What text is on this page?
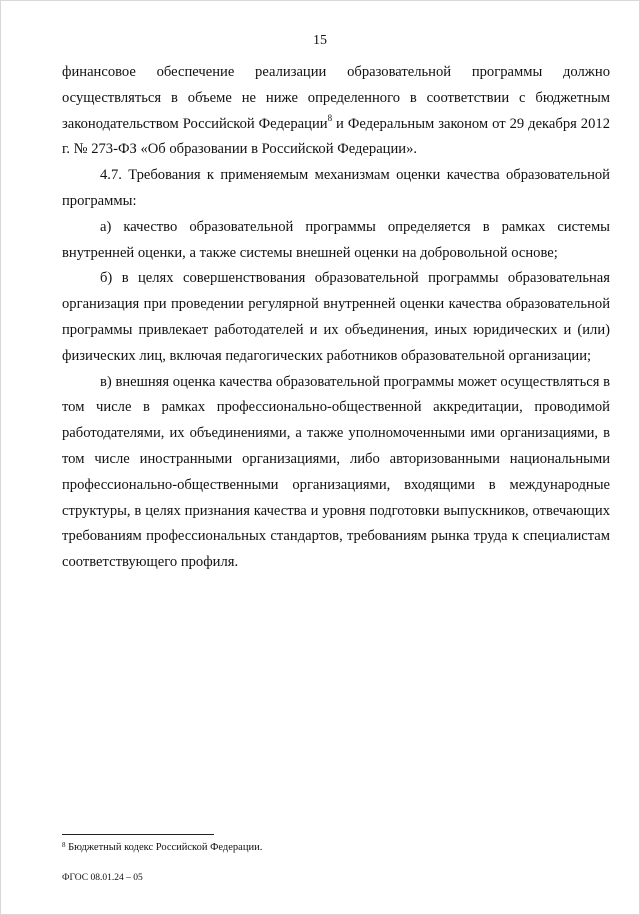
15

финансовое обеспечение реализации образовательной программы должно осуществляться в объеме не ниже определенного в соответствии с бюджетным законодательством Российской Федерации$^8$ и Федеральным законом от 29 декабря 2012 г. № 273-ФЗ «Об образовании в Российской Федерации».

4.7. Требования к применяемым механизмам оценки качества образовательной программы:

а) качество образовательной программы определяется в рамках системы внутренней оценки, а также системы внешней оценки на добровольной основе;

б) в целях совершенствования образовательной программы образовательная организация при проведении регулярной внутренней оценки качества образовательной программы привлекает работодателей и их объединения, иных юридических и (или) физических лиц, включая педагогических работников образовательной организации;

в) внешняя оценка качества образовательной программы может осуществляться в том числе в рамках профессионально-общественной аккредитации, проводимой работодателями, их объединениями, а также уполномоченными ими организациями, в том числе иностранными организациями, либо авторизованными национальными профессионально-общественными организациями, входящими в международные структуры, в целях признания качества и уровня подготовки выпускников, отвечающих требованиям профессиональных стандартов, требованиям рынка труда к специалистам соответствующего профиля.

$^8$ Бюджетный кодекс Российской Федерации.
ФГОС 08.01.24 – 05
